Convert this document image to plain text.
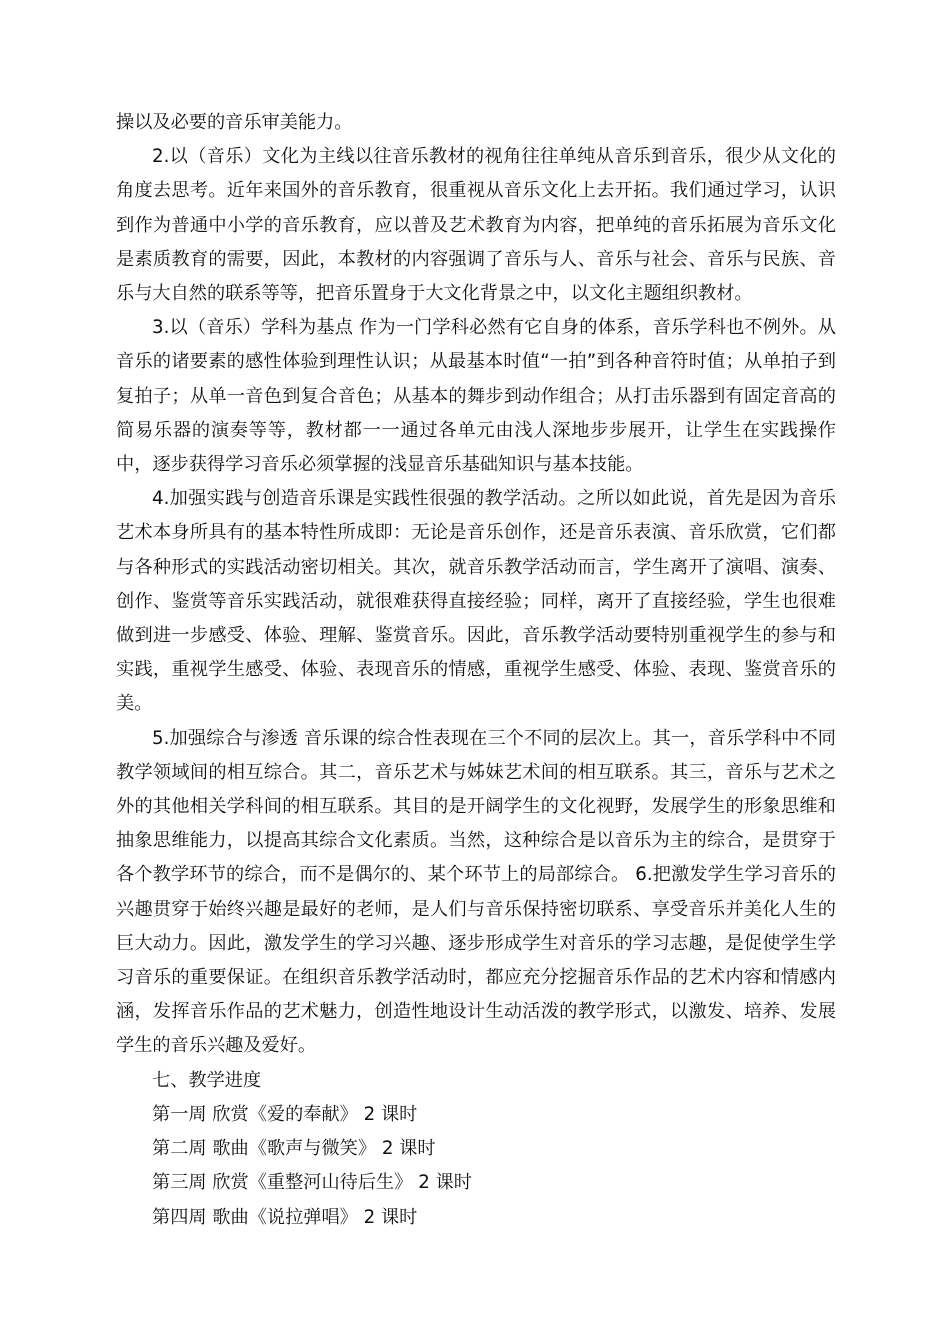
操以及必要的音乐审美能力。

2.以（音乐）文化为主线以往音乐教材的视角往往单纯从音乐到音乐，很少从文化的角度去思考。近年来国外的音乐教育，很重视从音乐文化上去开拓。我们通过学习，认识到作为普通中小学的音乐教育，应以普及艺术教育为内容，把单纯的音乐拓展为音乐文化是素质教育的需要，因此，本教材的内容强调了音乐与人、音乐与社会、音乐与民族、音乐与大自然的联系等等，把音乐置身于大文化背景之中，以文化主题组织教材。

3.以（音乐）学科为基点 作为一门学科必然有它自身的体系，音乐学科也不例外。从音乐的诸要素的感性体验到理性认识；从最基本时值“一拍”到各种音符时值；从单拍子到复拍子；从单一音色到复合音色；从基本的舞步到动作组合；从打击乐器到有固定音高的简易乐器的演奏等等，教材都一一通过各单元由浅人深地步步展开，让学生在实践操作中，逐步获得学习音乐必须掌握的浅显音乐基础知识与基本技能。

4.加强实践与创造音乐课是实践性很强的教学活动。之所以如此说，首先是因为音乐艺术本身所具有的基本特性所成即：无论是音乐创作，还是音乐表演、音乐欣赏，它们都与各种形式的实践活动密切相关。其次，就音乐教学活动而言，学生离开了演唱、演奏、创作、鉴赏等音乐实践活动，就很难获得直接经验；同样，离开了直接经验，学生也很难做到进一步感受、体验、理解、鉴赏音乐。因此，音乐教学活动要特别重视学生的参与和实践，重视学生感受、体验、表现音乐的情感，重视学生感受、体验、表现、鉴赏音乐的美。

5.加强综合与渗透 音乐课的综合性表现在三个不同的层次上。其一，音乐学科中不同教学领域间的相互综合。其二，音乐艺术与姊妹艺术间的相互联系。其三，音乐与艺术之外的其他相关学科间的相互联系。其目的是开阔学生的文化视野，发展学生的形象思维和抽象思维能力，以提高其综合文化素质。当然，这种综合是以音乐为主的综合，是贯穿于各个教学环节的综合，而不是偶尔的、某个环节上的局部综合。 6.把激发学生学习音乐的兴趣贯穿于始终兴趣是最好的老师，是人们与音乐保持密切联系、享受音乐并美化人生的巨大动力。因此，激发学生的学习兴趣、逐步形成学生对音乐的学习志趣，是促使学生学习音乐的重要保证。在组织音乐教学活动时，都应充分挖掘音乐作品的艺术内容和情感内涵，发挥音乐作品的艺术魅力，创造性地设计生动活泼的教学形式，以激发、培养、发展学生的音乐兴趣及爱好。

七、教学进度

第一周 欣赏《爱的奉献》 2 课时

第二周 歌曲《歌声与微笑》 2 课时

第三周 欣赏《重整河山待后生》 2 课时

第四周 歌曲《说拉弹唱》 2 课时
